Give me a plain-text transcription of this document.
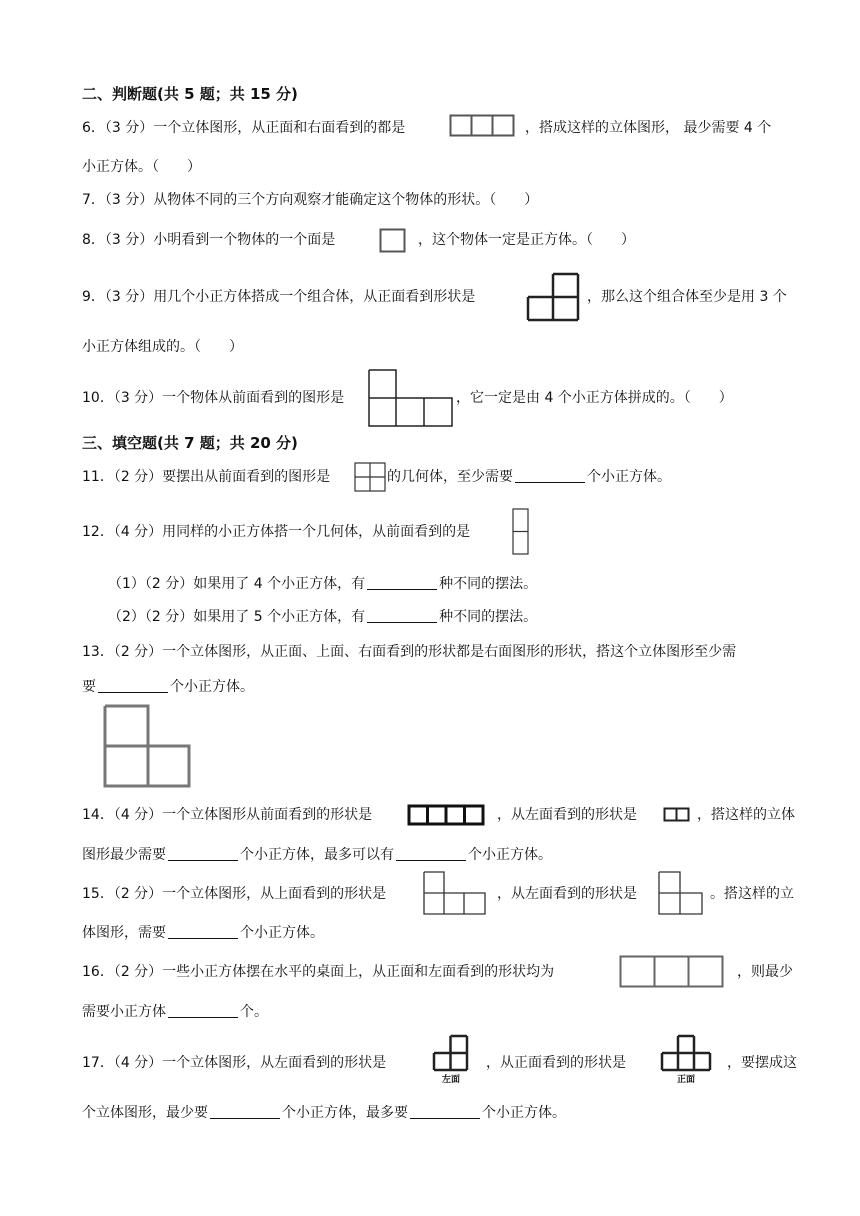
二、判断题(共 5 题；共 15 分)
6．（3 分）一个立体图形，从正面和右面看到的都是	，搭成这样的立体图形， 最少需要 4 个
小正方体。（　　）
7．（3 分）从物体不同的三个方向观察才能确定这个物体的形状。（　　）
8．（3 分）小明看到一个物体的一个面是	，这个物体一定是正方体。（　　）
9．（3 分）用几个小正方体搭成一个组合体，从正面看到形状是	，那么这个组合体至少是用 3 个
小正方体组成的。（　　）
10．（3 分）一个物体从前面看到的图形是	，它一定是由 4 个小正方体拼成的。（　　）
三、填空题(共 7 题；共 20 分)
11．（2 分）要摆出从前面看到的图形是	的几何体，至少需要	个小正方体。
12．（4 分）用同样的小正方体搭一个几何体，从前面看到的是
（1）（2 分）如果用了 4 个小正方体，有	种不同的摆法。
（2）（2 分）如果用了 5 个小正方体，有	种不同的摆法。
13．（2 分）一个立体图形，从正面、上面、右面看到的形状都是右面图形的形状，搭这个立体图形至少需
要	个小正方体。
14．（4 分）一个立体图形从前面看到的形状是	，从左面看到的形状是	，搭这样的立体
图形最少需要	个小正方体，最多可以有	个小正方体。
15．（2 分）一个立体图形，从上面看到的形状是	，从左面看到的形状是	。搭这样的立
体图形，需要	个小正方体。
16．（2 分）一些小正方体摆在水平的桌面上，从正面和左面看到的形状均为	，则最少
需要小正方体	个。
17．（4 分）一个立体图形，从左面看到的形状是
左面
，从正面看到的形状是
正面
，要摆成这
个立体图形，最少要	个小正方体，最多要	个小正方体。
